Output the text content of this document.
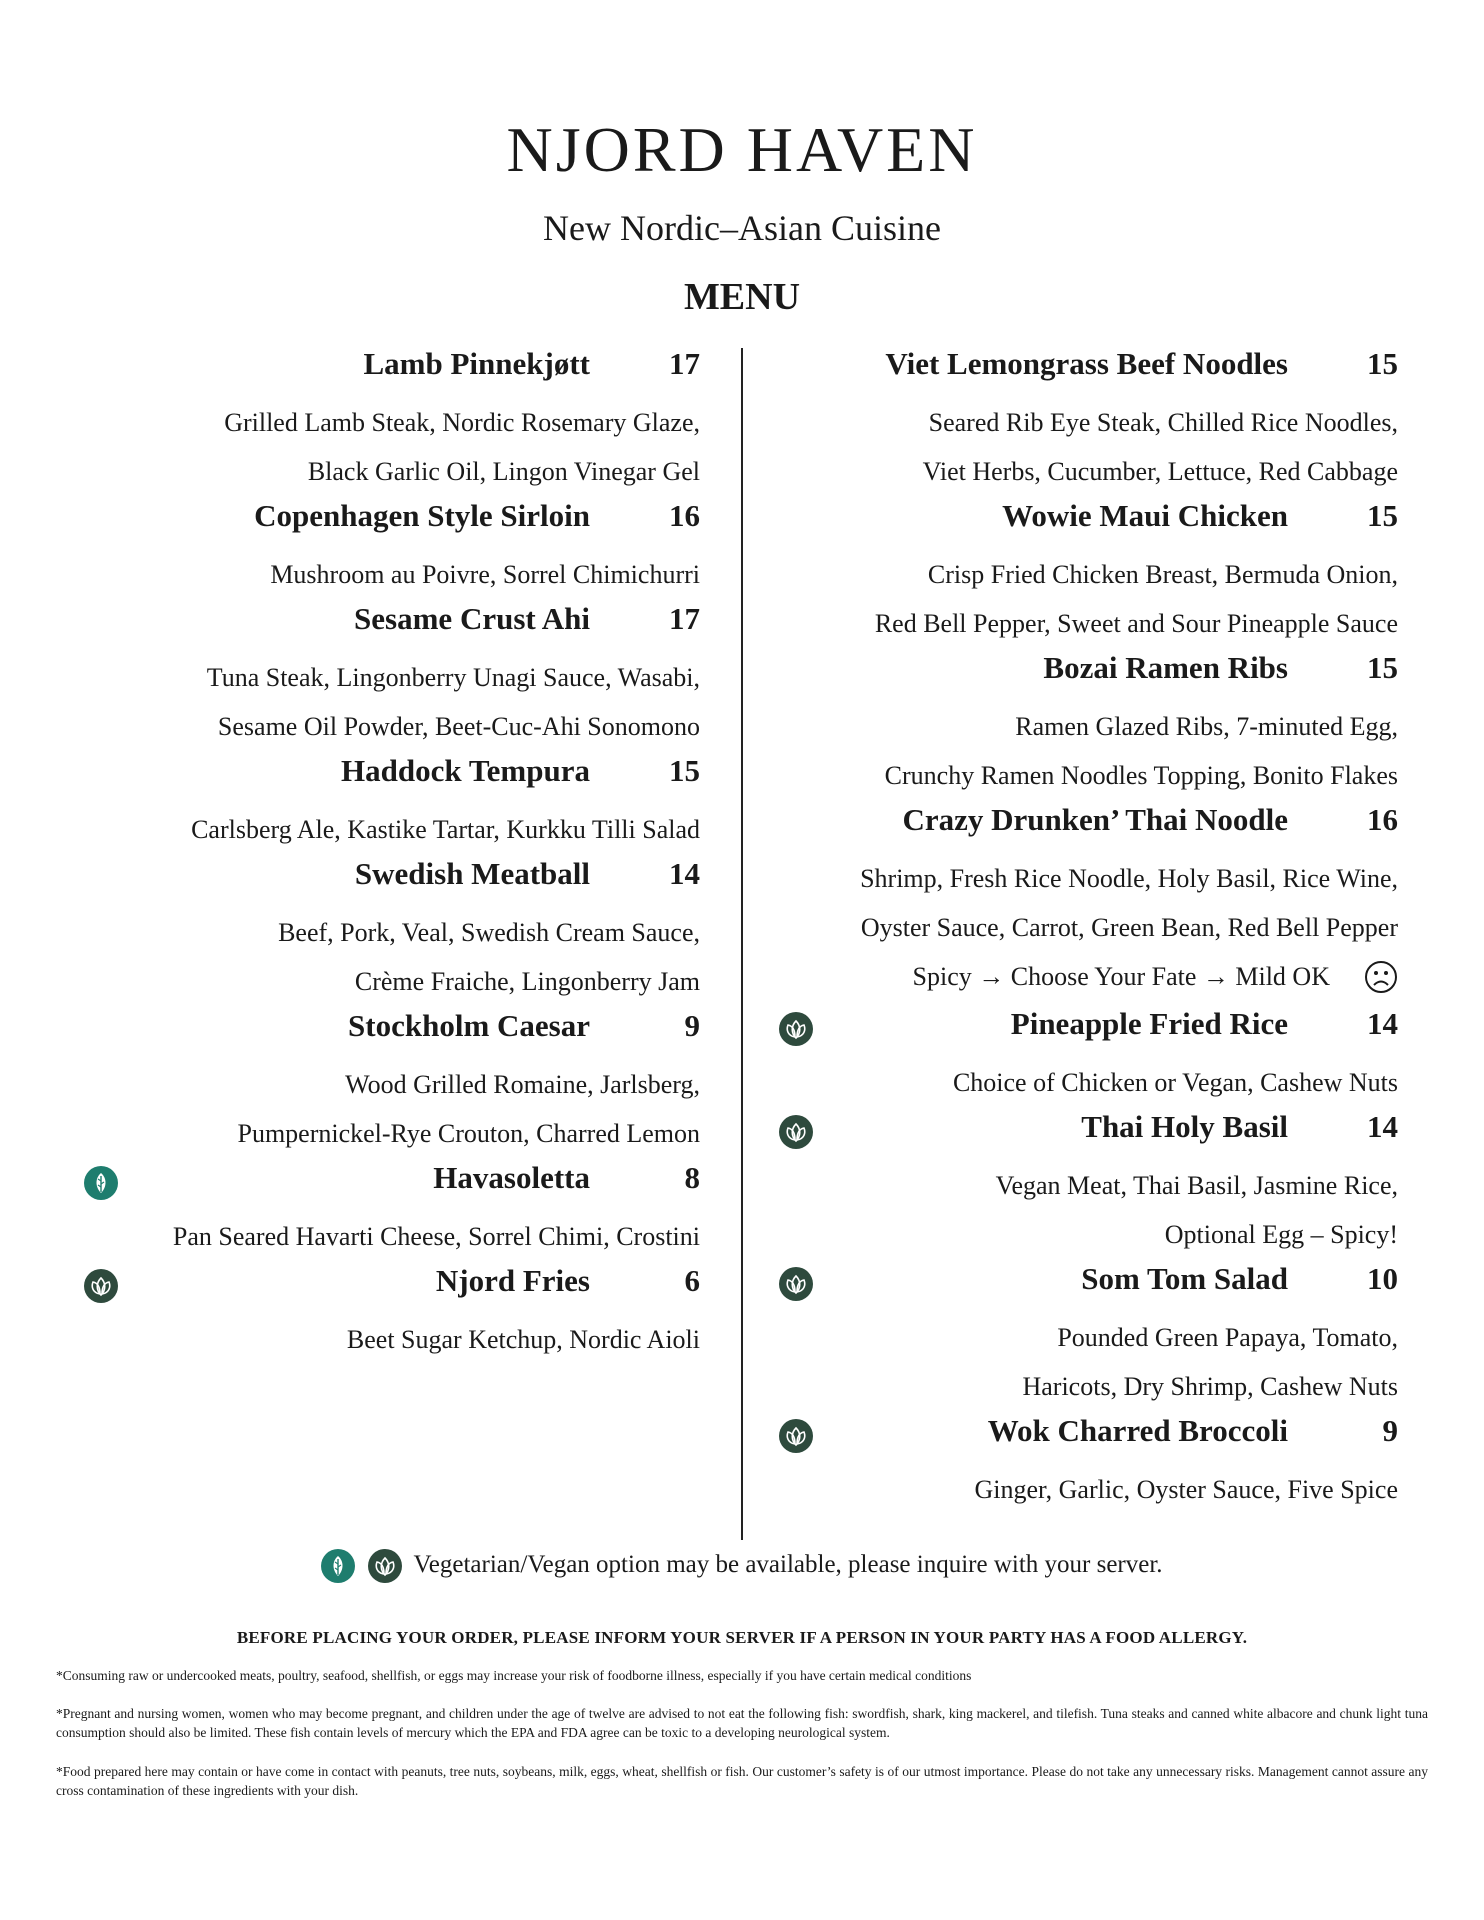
NJORD HAVEN
New Nordic–Asian Cuisine
MENU
Lamb Pinnekjøtt	17
Grilled Lamb Steak, Nordic Rosemary Glaze,
Black Garlic Oil, Lingon Vinegar Gel
Copenhagen Style Sirloin	16
Mushroom au Poivre, Sorrel Chimichurri
Sesame Crust Ahi	17
Tuna Steak, Lingonberry Unagi Sauce, Wasabi,
Sesame Oil Powder, Beet-Cuc-Ahi Sonomono
Haddock Tempura	15
Carlsberg Ale, Kastike Tartar, Kurkku Tilli Salad
Swedish Meatball	14
Beef, Pork, Veal, Swedish Cream Sauce,
Crème Fraiche, Lingonberry Jam
Stockholm Caesar	9
Wood Grilled Romaine, Jarlsberg,
Pumpernickel-Rye Crouton, Charred Lemon
Havasoletta	8
Pan Seared Havarti Cheese, Sorrel Chimi, Crostini
Njord Fries	6
Beet Sugar Ketchup, Nordic Aioli
Viet Lemongrass Beef Noodles	15
Seared Rib Eye Steak, Chilled Rice Noodles,
Viet Herbs, Cucumber, Lettuce, Red Cabbage
Wowie Maui Chicken	15
Crisp Fried Chicken Breast, Bermuda Onion,
Red Bell Pepper, Sweet and Sour Pineapple Sauce
Bozai Ramen Ribs	15
Ramen Glazed Ribs, 7-minuted Egg,
Crunchy Ramen Noodles Topping, Bonito Flakes
Crazy Drunken’ Thai Noodle	16
Shrimp, Fresh Rice Noodle, Holy Basil, Rice Wine,
Oyster Sauce, Carrot, Green Bean, Red Bell Pepper
Spicy → Choose Your Fate → Mild OK
Pineapple Fried Rice	14
Choice of Chicken or Vegan, Cashew Nuts
Thai Holy Basil	14
Vegan Meat, Thai Basil, Jasmine Rice,
Optional Egg – Spicy!
Som Tom Salad	10
Pounded Green Papaya, Tomato,
Haricots, Dry Shrimp, Cashew Nuts
Wok Charred Broccoli	9
Ginger, Garlic, Oyster Sauce, Five Spice

Vegetarian/Vegan option may be available, please inquire with your server.
BEFORE PLACING YOUR ORDER, PLEASE INFORM YOUR SERVER IF A PERSON IN YOUR PARTY HAS A FOOD ALLERGY.
*Consuming raw or undercooked meats, poultry, seafood, shellfish, or eggs may increase your risk of foodborne illness, especially if you have certain medical conditions
*Pregnant and nursing women, women who may become pregnant, and children under the age of twelve are advised to not eat the following fish: swordfish, shark, king mackerel, and tilefish. Tuna steaks and canned white albacore and chunk light tuna consumption should also be limited. These fish contain levels of mercury which the EPA and FDA agree can be toxic to a developing neurological system.
*Food prepared here may contain or have come in contact with peanuts, tree nuts, soybeans, milk, eggs, wheat, shellfish or fish. Our customer’s safety is of our utmost importance. Please do not take any unnecessary risks. Management cannot assure any cross contamination of these ingredients with your dish.
